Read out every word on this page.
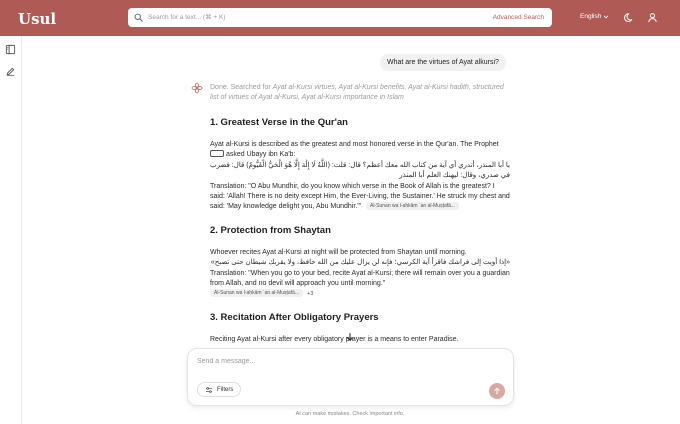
Usul
Search for a text... (⌘ + K)	Advanced Search	English
What are the virtues of Ayat alkursi?
Done. Searched for Ayat al-Kursi virtues, Ayat al-Kursi benefits, Ayat al-Kursi hadith, structured list of virtues of Ayat al-Kursi, Ayat al-Kursi importance in Islam
1. Greatest Verse in the Qur'an

Ayat al-Kursi is described as the greatest and most honored verse in the Qur'an. The Prophet  asked Ubayy ibn Ka'b:

يا أبا المنذر، أتدري أي آية من كتاب الله معك أعظم؟ قال: قلت: (اللَّهُ لَا إِلَٰهَ إِلَّا هُوَ الْحَيُّ الْقَيُّومُ) قال: فضرب في صدري، وقال: ليهنك العلم أبا المنذر

Translation: "O Abu Mundhir, do you know which verse in the Book of Allah is the greatest? I said: 'Allah! There is no deity except Him, the Ever-Living, the Sustainer.' He struck my chest and said: 'May knowledge delight you, Abu Mundhir.'" Al-Sunan wa l-aḥkām ʿan al-Muṣṭafā...

2. Protection from Shaytan

Whoever recites Ayat al-Kursi at night will be protected from Shaytan until morning.

«إذا أويت إلى فراشك فاقرأ آية الكرسي؛ فإنه لن يزال عليك من الله حافظ، ولا يقربك شيطان حتى تصبح»

Translation: "When you go to your bed, recite Ayat al-Kursi; there will remain over you a guardian from Allah, and no devil will approach you until morning."

Al-Sunan wa l-aḥkām ʿan al-Muṣṭafā... +3

3. Recitation After Obligatory Prayers

Reciting Ayat al-Kursi after every obligatory prayer is a means to enter Paradise.

Send a message...
Filters
AI can make mistakes. Check important info.
